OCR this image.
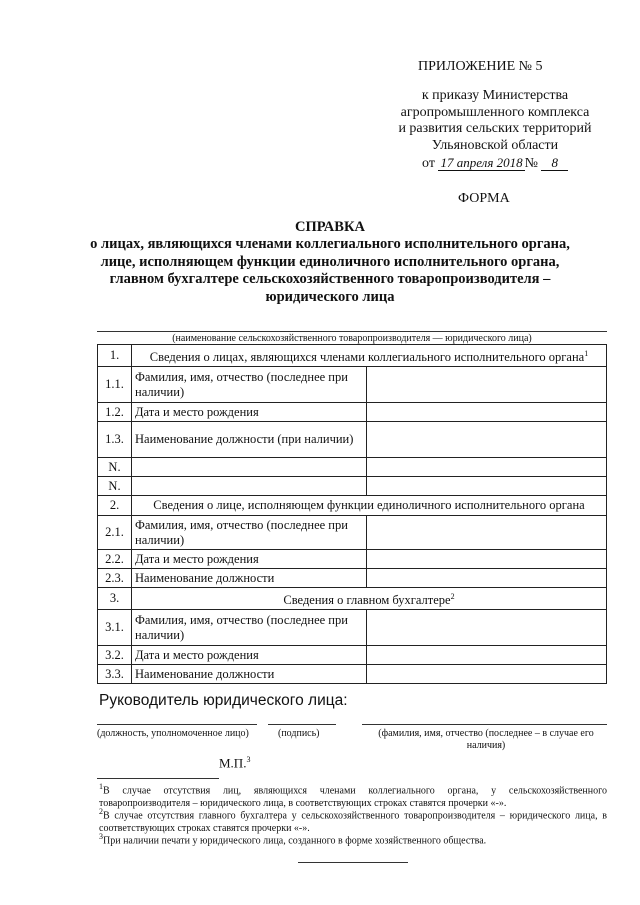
ПРИЛОЖЕНИЕ № 5
к приказу Министерства
агропромышленного комплекса
и развития сельских территорий
Ульяновской области
от 17 апреля 2018 № 8
ФОРМА
СПРАВКА
о лицах, являющихся членами коллегиального исполнительного органа,
лице, исполняющем функции единоличного исполнительного органа,
главном бухгалтере сельскохозяйственного товаропроизводителя –
юридического лица
(наименование сельскохозяйственного товаропроизводителя — юридического лица)
1.	Сведения о лицах, являющихся членами коллегиального исполнительного органа$^1$
1.1.	Фамилия, имя, отчество (последнее при наличии)	
1.2.	Дата и место рождения	
1.3.	Наименование должности (при наличии)	
N.		
N.		
2.	Сведения о лице, исполняющем функции единоличного исполнительного органа	
2.1.	Фамилия, имя, отчество (последнее при наличии)	
2.2.	Дата и место рождения	
2.3.	Наименование должности	
3.	Сведения о главном бухгалтере$^2$
3.1.	Фамилия, имя, отчество (последнее при наличии)	
3.2.	Дата и место рождения	
3.3.	Наименование должности	
Руководитель юридического лица:
(должность, уполномоченное лицо)	(подпись)	(фамилия, имя, отчество (последнее – в случае его наличия)
М.П.$^3$
$^1$В случае отсутствия лиц, являющихся членами коллегиального органа, у сельскохозяйственного товаропроизводителя – юридического лица, в соответствующих строках ставятся прочерки «-».
$^2$В случае отсутствия главного бухгалтера у сельскохозяйственного товаропроизводителя – юридического лица, в соответствующих строках ставятся прочерки «-».
$^3$При наличии печати у юридического лица, созданного в форме хозяйственного общества.
